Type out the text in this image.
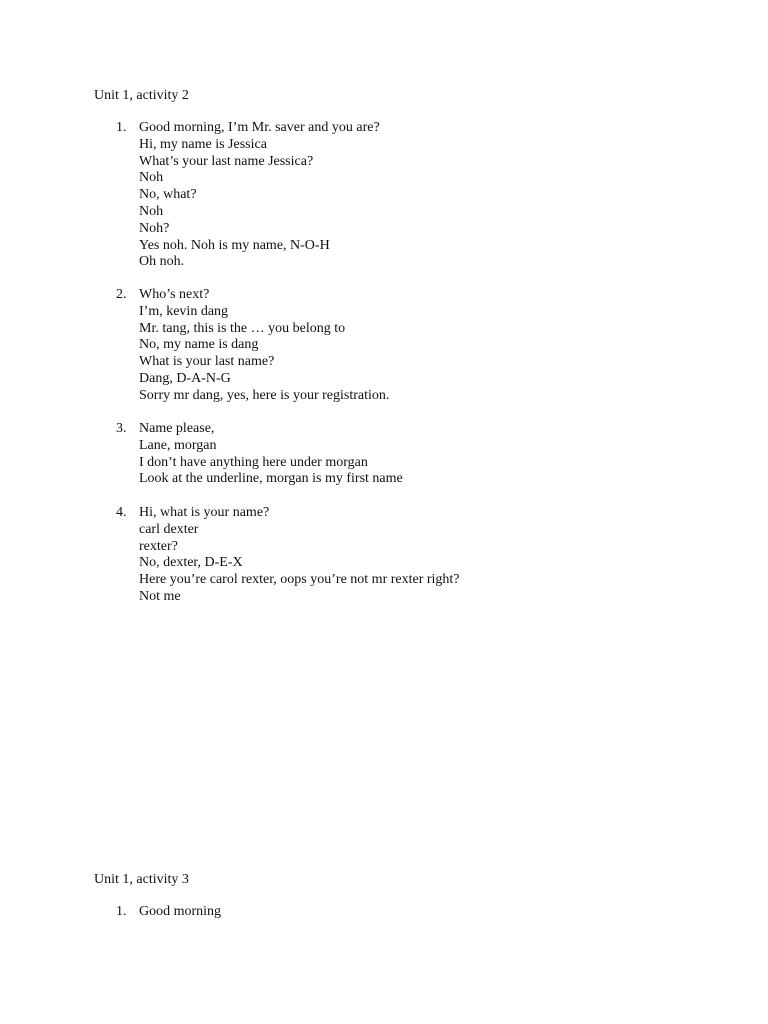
Unit 1, activity 2
1. Good morning, I’m Mr. saver and you are?
Hi, my name is Jessica
What’s your last name Jessica?
Noh
No, what?
Noh
Noh?
Yes noh. Noh is my name, N-O-H
Oh noh.
2. Who’s next?
I’m, kevin dang
Mr. tang, this is the … you belong to
No, my name is dang
What is your last name?
Dang, D-A-N-G
Sorry mr dang, yes, here is your registration.
3. Name please,
Lane, morgan
I don’t have anything here under morgan
Look at the underline, morgan is my first name
4. Hi, what is your name?
carl dexter
rexter?
No, dexter, D-E-X
Here you’re carol rexter, oops you’re not mr rexter right?
Not me
Unit 1, activity 3
1. Good morning
